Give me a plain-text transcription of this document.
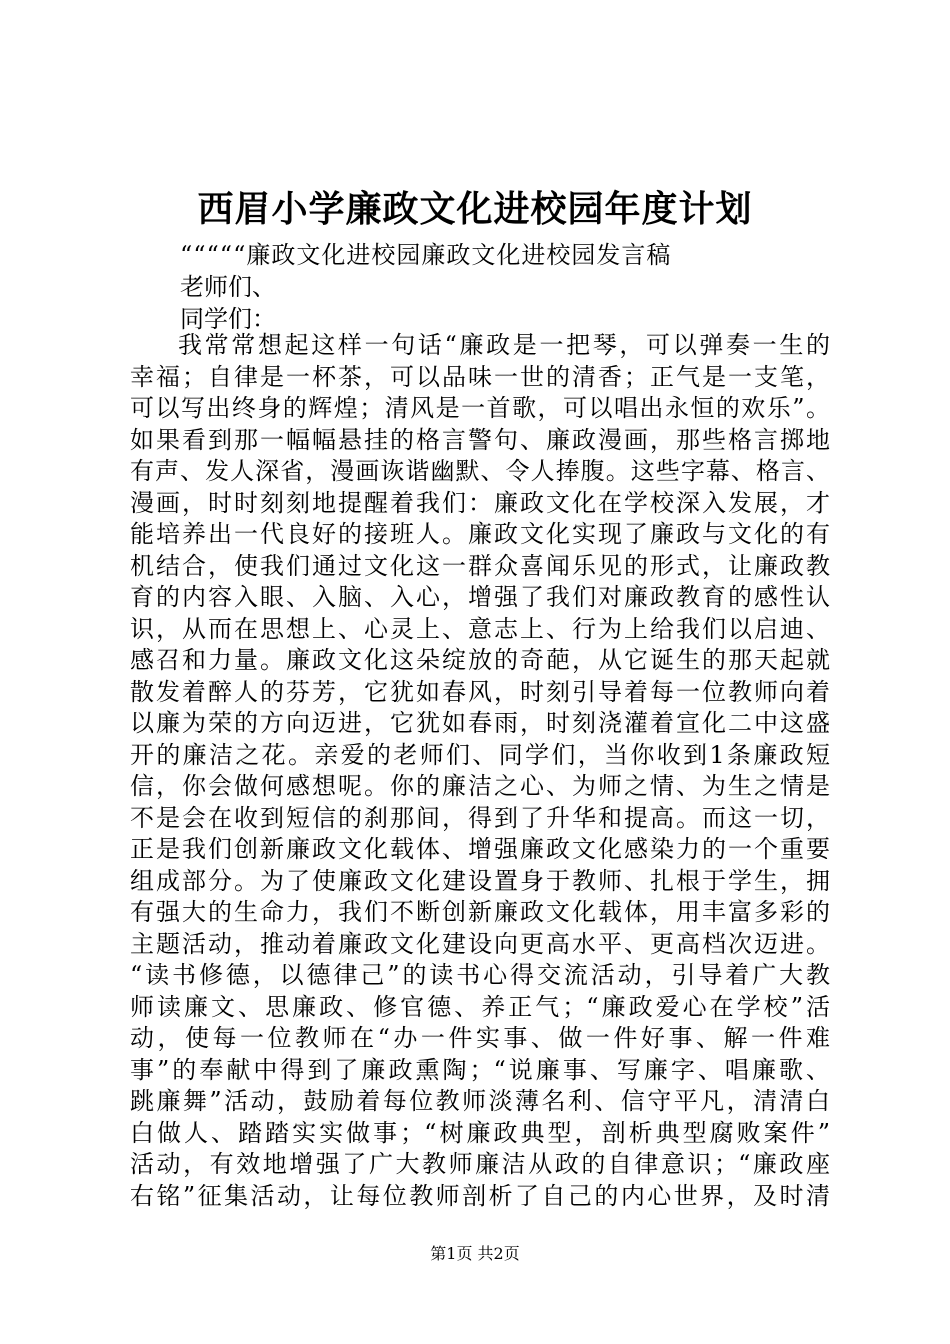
西眉小学廉政文化进校园年度计划
“““““廉政文化进校园廉政文化进校园发言稿
老师们、
同学们：
我常常想起这样一句话“廉政是一把琴，可以弹奏一生的
幸福；自律是一杯茶，可以品味一世的清香；正气是一支笔，
可以写出终身的辉煌；清风是一首歌，可以唱出永恒的欢乐”。
如果看到那一幅幅悬挂的格言警句、廉政漫画，那些格言掷地
有声、发人深省，漫画诙谐幽默、令人捧腹。这些字幕、格言、
漫画，时时刻刻地提醒着我们：廉政文化在学校深入发展，才
能培养出一代良好的接班人。廉政文化实现了廉政与文化的有
机结合，使我们通过文化这一群众喜闻乐见的形式，让廉政教
育的内容入眼、入脑、入心，增强了我们对廉政教育的感性认
识，从而在思想上、心灵上、意志上、行为上给我们以启迪、
感召和力量。廉政文化这朵绽放的奇葩，从它诞生的那天起就
散发着醉人的芬芳，它犹如春风，时刻引导着每一位教师向着
以廉为荣的方向迈进，它犹如春雨，时刻浇灌着宣化二中这盛
开的廉洁之花。亲爱的老师们、同学们，当你收到1条廉政短
信，你会做何感想呢。你的廉洁之心、为师之情、为生之情是
不是会在收到短信的刹那间，得到了升华和提高。而这一切，
正是我们创新廉政文化载体、增强廉政文化感染力的一个重要
组成部分。为了使廉政文化建设置身于教师、扎根于学生，拥
有强大的生命力，我们不断创新廉政文化载体，用丰富多彩的
主题活动，推动着廉政文化建设向更高水平、更高档次迈进。
“读书修德，以德律己”的读书心得交流活动，引导着广大教
师读廉文、思廉政、修官德、养正气；“廉政爱心在学校”活
动，使每一位教师在“办一件实事、做一件好事、解一件难
事”的奉献中得到了廉政熏陶；“说廉事、写廉字、唱廉歌、
跳廉舞”活动，鼓励着每位教师淡薄名利、信守平凡，清清白
白做人、踏踏实实做事；“树廉政典型，剖析典型腐败案件”
活动，有效地增强了广大教师廉洁从政的自律意识；“廉政座
右铭”征集活动，让每位教师剖析了自己的内心世界，及时清
第1页 共2页
